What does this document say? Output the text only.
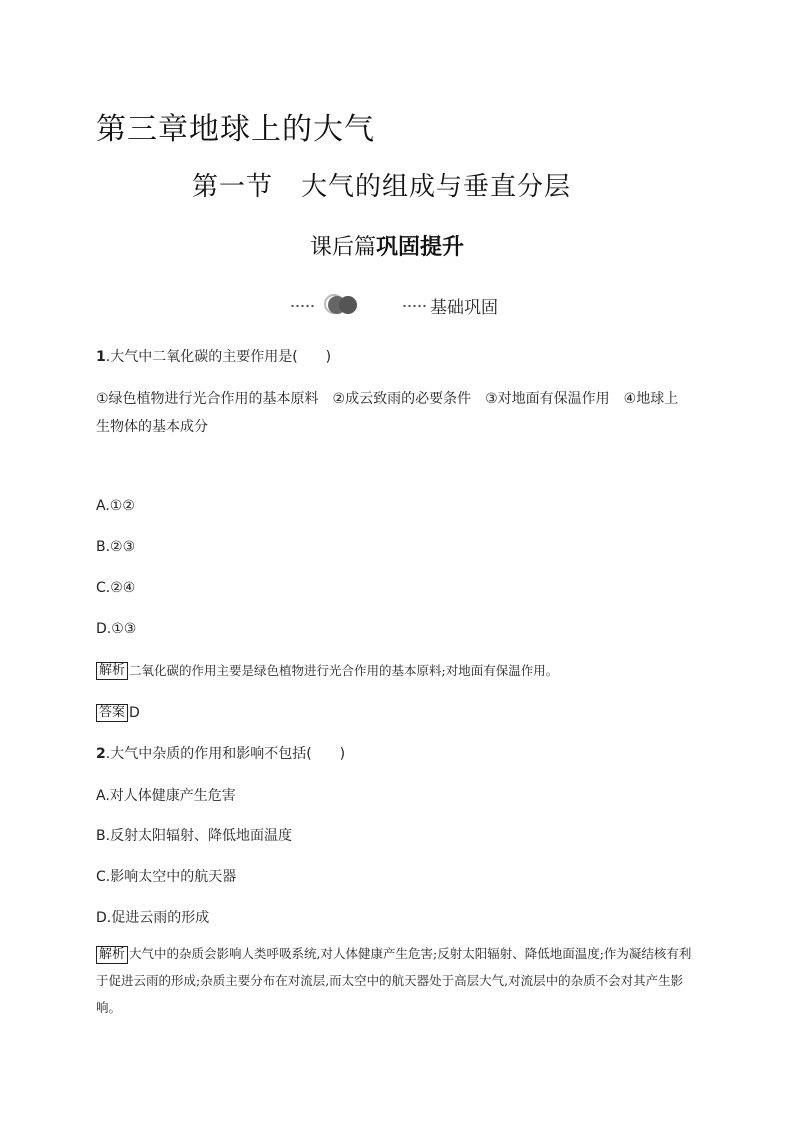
第三章地球上的大气
第一节 大气的组成与垂直分层
课后篇巩固提升
基础巩固
1.大气中二氧化碳的主要作用是(　　)
①绿色植物进行光合作用的基本原料　②成云致雨的必要条件　③对地面有保温作用　④地球上
生物体的基本成分
A.①②
B.②③
C.②④
D.①③
解析 二氧化碳的作用主要是绿色植物进行光合作用的基本原料;对地面有保温作用。
答案 D
2.大气中杂质的作用和影响不包括(　　)
A.对人体健康产生危害
B.反射太阳辐射、降低地面温度
C.影响太空中的航天器
D.促进云雨的形成
解析 大气中的杂质会影响人类呼吸系统,对人体健康产生危害;反射太阳辐射、降低地面温度;作为凝结核有利于促进云雨的形成;杂质主要分布在对流层,而太空中的航天器处于高层大气,对流层中的杂质不会对其产生影响。
